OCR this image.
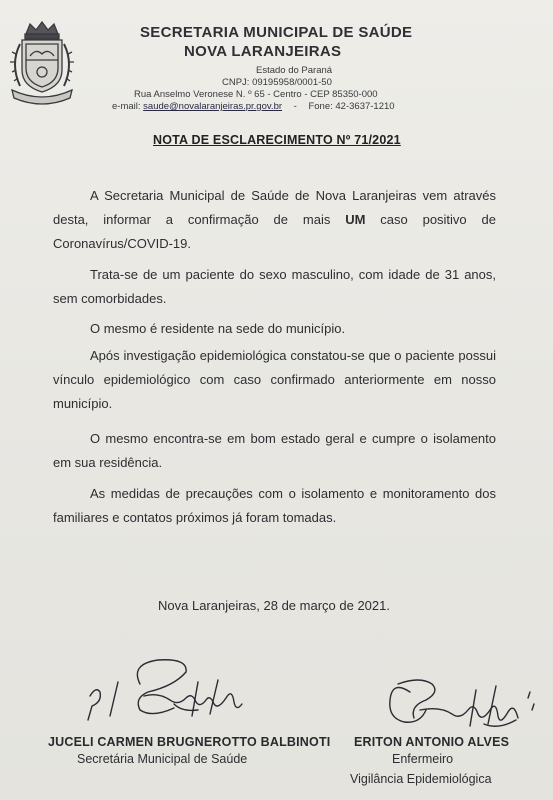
SECRETARIA MUNICIPAL DE SAÚDE
NOVA LARANJEIRAS
Estado do Paraná
CNPJ: 09195958/0001-50
Rua Anselmo Veronese N. º 65 - Centro - CEP 85350-000
e-mail: saude@novalaranjeiras.pr.gov.br - Fone: 42-3637-1210
NOTA DE ESCLARECIMENTO Nº 71/2021

A Secretaria Municipal de Saúde de Nova Laranjeiras vem através desta, informar a confirmação de mais UM caso positivo de Coronavírus/COVID-19.

Trata-se de um paciente do sexo masculino, com idade de 31 anos, sem comorbidades.

O mesmo é residente na sede do município.

Após investigação epidemiológica constatou-se que o paciente possui vínculo epidemiológico com caso confirmado anteriormente em nosso município.

O mesmo encontra-se em bom estado geral e cumpre o isolamento em sua residência.

As medidas de precauções com o isolamento e monitoramento dos familiares e contatos próximos já foram tomadas.

Nova Laranjeiras, 28 de março de 2021.
JUCELI CARMEN BRUGNEROTTO BALBINOTI
Secretária Municipal de Saúde
ERITON ANTONIO ALVES
Enfermeiro
Vigilância Epidemiológica
